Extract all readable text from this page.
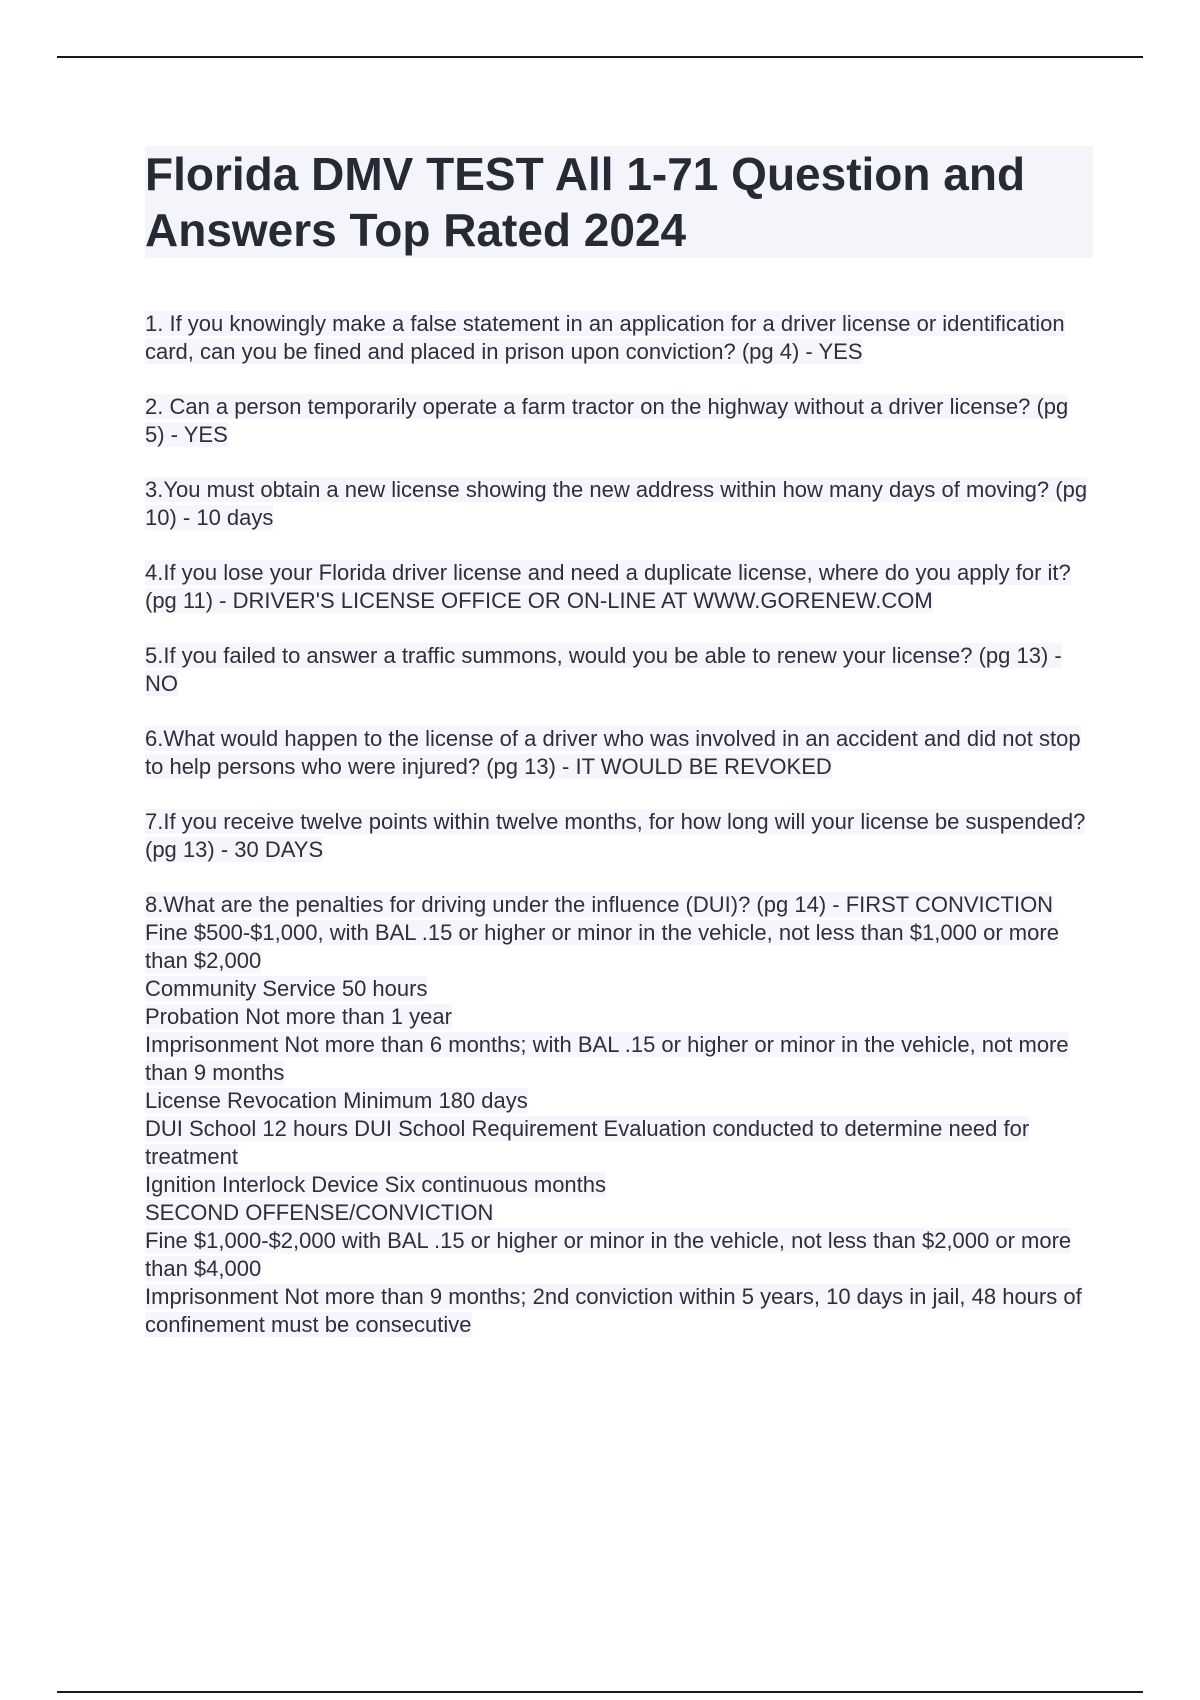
Florida DMV TEST All 1-71 Question and Answers Top Rated 2024
1. If you knowingly make a false statement in an application for a driver license or identification card, can you be fined and placed in prison upon conviction? (pg 4) - YES
2. Can a person temporarily operate a farm tractor on the highway without a driver license? (pg 5) - YES
3.You must obtain a new license showing the new address within how many days of moving? (pg 10) - 10 days
4.If you lose your Florida driver license and need a duplicate license, where do you apply for it? (pg 11) - DRIVER'S LICENSE OFFICE OR ON-LINE AT WWW.GORENEW.COM
5.If you failed to answer a traffic summons, would you be able to renew your license? (pg 13) - NO
6.What would happen to the license of a driver who was involved in an accident and did not stop to help persons who were injured? (pg 13) - IT WOULD BE REVOKED
7.If you receive twelve points within twelve months, for how long will your license be suspended? (pg 13) - 30 DAYS
8.What are the penalties for driving under the influence (DUI)? (pg 14) - FIRST CONVICTION
Fine $500-$1,000, with BAL .15 or higher or minor in the vehicle, not less than $1,000 or more than $2,000
Community Service 50 hours
Probation Not more than 1 year
Imprisonment Not more than 6 months; with BAL .15 or higher or minor in the vehicle, not more than 9 months
License Revocation Minimum 180 days
DUI School 12 hours DUI School Requirement Evaluation conducted to determine need for treatment
Ignition Interlock Device Six continuous months
SECOND OFFENSE/CONVICTION
Fine $1,000-$2,000 with BAL .15 or higher or minor in the vehicle, not less than $2,000 or more than $4,000
Imprisonment Not more than 9 months; 2nd conviction within 5 years, 10 days in jail, 48 hours of confinement must be consecutive
